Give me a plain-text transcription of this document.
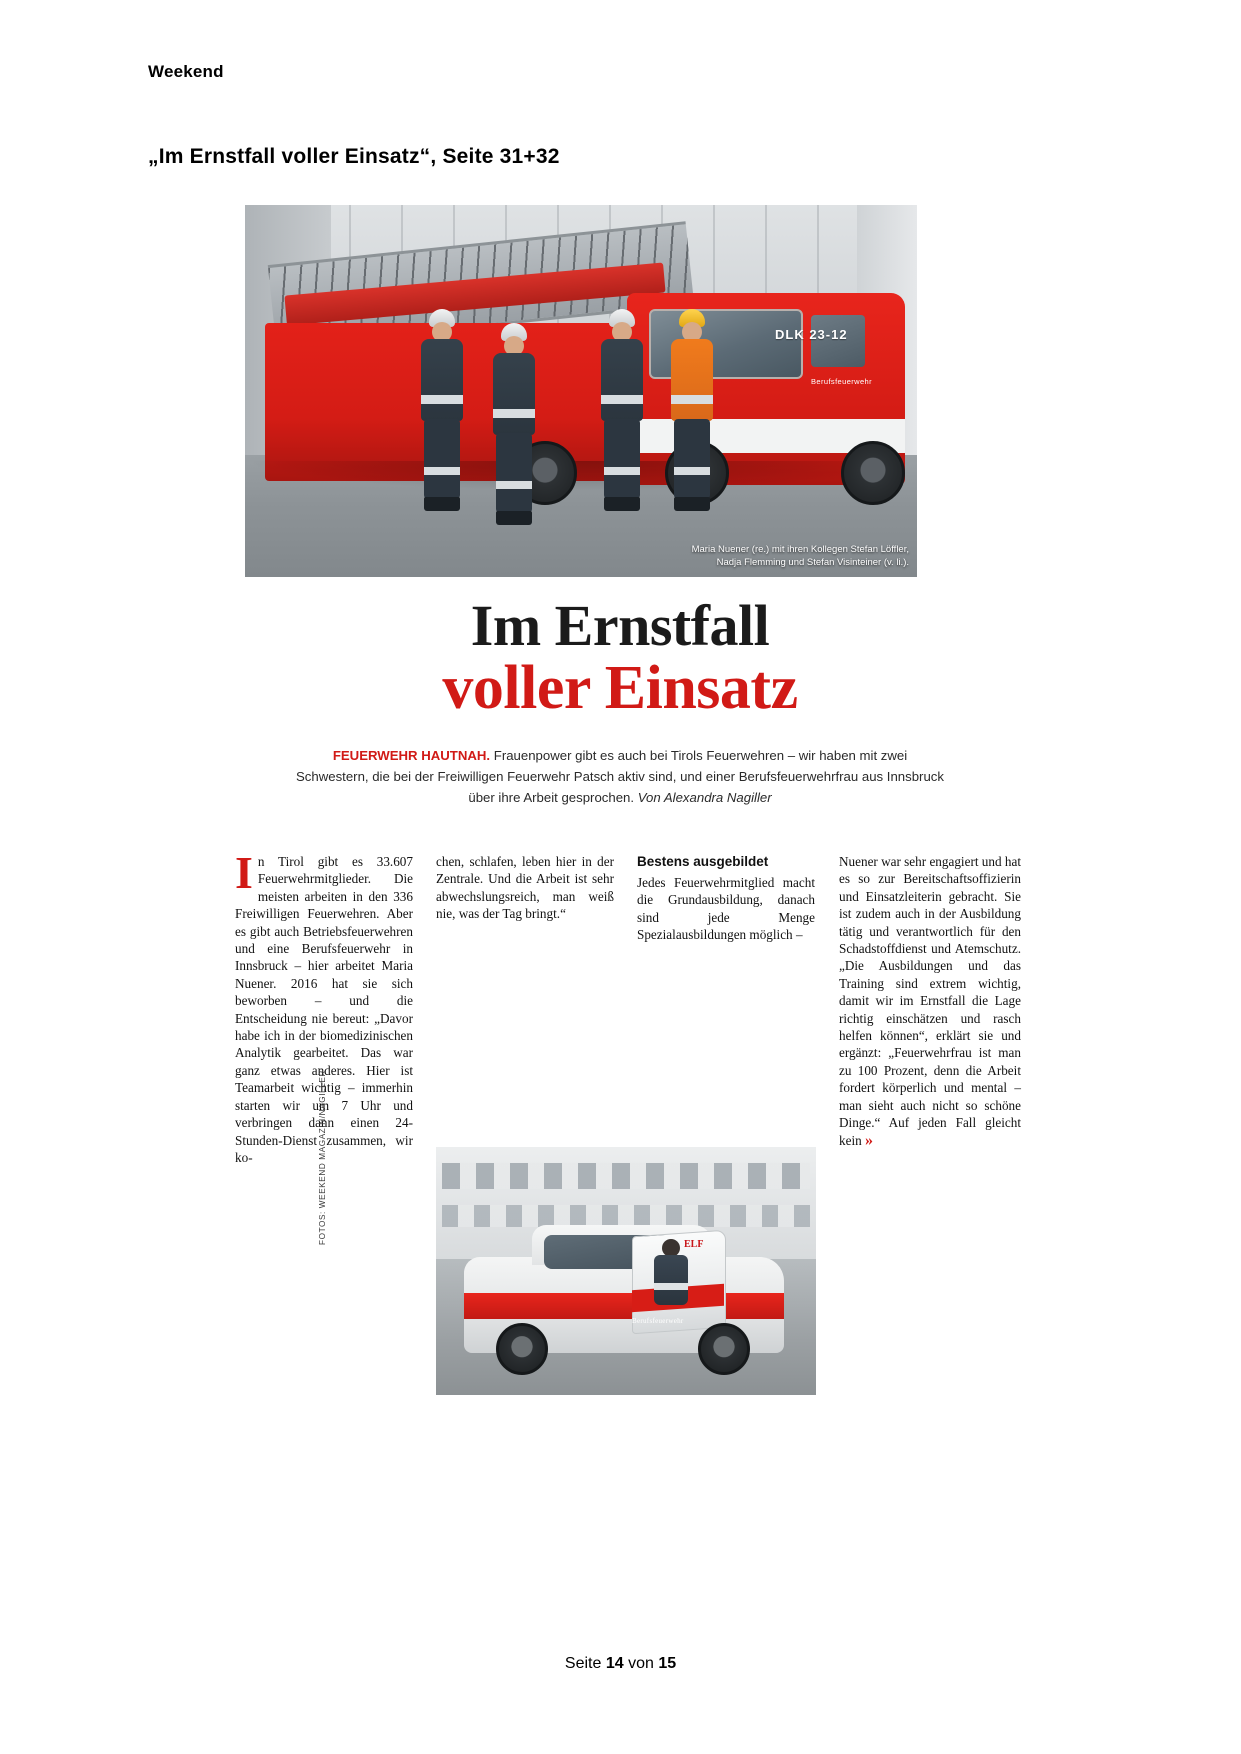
Weekend
„Im Ernstfall voller Einsatz“, Seite 31+32
DLK 23-12
Berufsfeuerwehr
Maria Nuener (re.) mit ihren Kollegen Stefan Löffler, Nadja Flemming und Stefan Visinteiner (v. li.).
Im Ernstfall
voller Einsatz
FEUERWEHR HAUTNAH. Frauenpower gibt es auch bei Tirols Feuerwehren – wir haben mit zwei Schwestern, die bei der Freiwilligen Feuerwehr Patsch aktiv sind, und einer Berufsfeuerwehrfrau aus Innsbruck über ihre Arbeit gesprochen. Von Alexandra Nagiller
In Tirol gibt es 33.607 Feuerwehrmitglieder. Die meisten arbeiten in den 336 Freiwilligen Feuerwehren. Aber es gibt auch Betriebsfeuerwehren und eine Berufsfeuerwehr in Innsbruck – hier arbeitet Maria Nuener. 2016 hat sie sich beworben – und die Entscheidung nie bereut: „Davor habe ich in der biomedizinischen Analytik gearbeitet. Das war ganz etwas anderes. Hier ist Teamarbeit wichtig – immerhin starten wir um 7 Uhr und verbringen dann einen 24-Stunden-Dienst zusammen, wir ko-
chen, schlafen, leben hier in der Zentrale. Und die Arbeit ist sehr abwechslungsreich, man weiß nie, was der Tag bringt.“
Bestens ausgebildet
Jedes Feuerwehrmitglied macht die Grundausbildung, danach sind jede Menge Spezialausbildungen möglich –
Nuener war sehr engagiert und hat es so zur Bereitschaftsoffizierin und Einsatzleiterin gebracht. Sie ist zudem auch in der Ausbildung tätig und verantwortlich für den Schadstoffdienst und Atemschutz. „Die Ausbildungen und das Training sind extrem wichtig, damit wir im Ernstfall die Lage richtig einschätzen und rasch helfen können“, erklärt sie und ergänzt: „Feuerwehrfrau ist man zu 100 Prozent, denn die Arbeit fordert körperlich und mental – man sieht auch nicht so schöne Dinge.“ Auf jeden Fall gleicht kein »
ELF
Berufsfeuerwehr
FOTOS: WEEKEND MAGAZIN/NAGILLER
Seite 14 von 15
